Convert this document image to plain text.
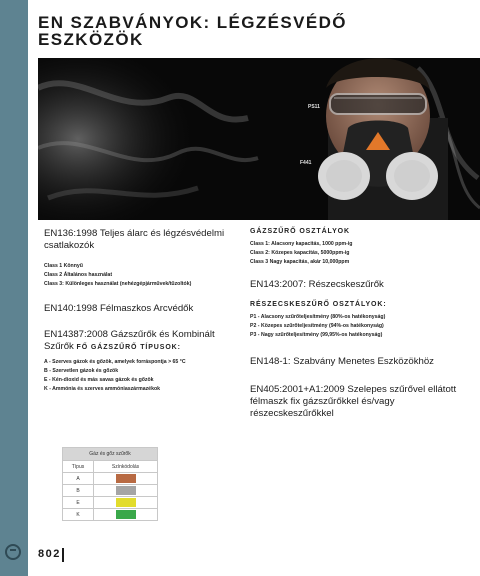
EN SZABVÁNYOK: LÉGZÉSVÉDŐ ESZKÖZÖK
PS11
F441

EN136:1998 Teljes álarc és légzésvédelmi csatlakozók

Class 1 Könnyű
Class 2 Általános használat
Class 3: Különleges használat (nehézgépjárművek/tűzoltók)

EN140:1998 Félmaszkos Arcvédők

EN14387:2008 Gázszűrők és Kombinált Szűrők FŐ GÁZSZŰRŐ TÍPUSOK:

A - Szerves gázok és gőzök, amelyek forráspontja > 65 °C
B - Szervetlen gázok és gőzök
E - Kén-dioxid és más savas gázok és gőzök
K - Ammónia és szerves ammóniaszármazékok

GÁZSZŰRŐ OSZTÁLYOK

Class 1: Alacsony kapacitás, 1000 ppm-ig
Class 2: Közepes kapacitás, 5000ppm-ig
Class 3 Nagy kapacitás, akár 10,000ppm

EN143:2007: Részecskeszűrők

RÉSZECSKESZŰRŐ OSZTÁLYOK:

P1 - Alacsony szűrőteljesítmény (80%-os hatékonyság)
P2 - Közepes szűrőteljesítmény (94%-os hatékonyság)
P3 - Nagy szűrőteljesítmény (99,95%-os hatékonyság)

EN148-1: Szabvány Menetes Eszközökhöz

EN405:2001+A1:2009 Szelepes szűrővel ellátott félmaszk fix gázszűrőkkel és/vagy részecskeszűrőkkel

Gáz és gőz szűrők	
Típus	Színkódolás
A	
B	
E	
K	
802
